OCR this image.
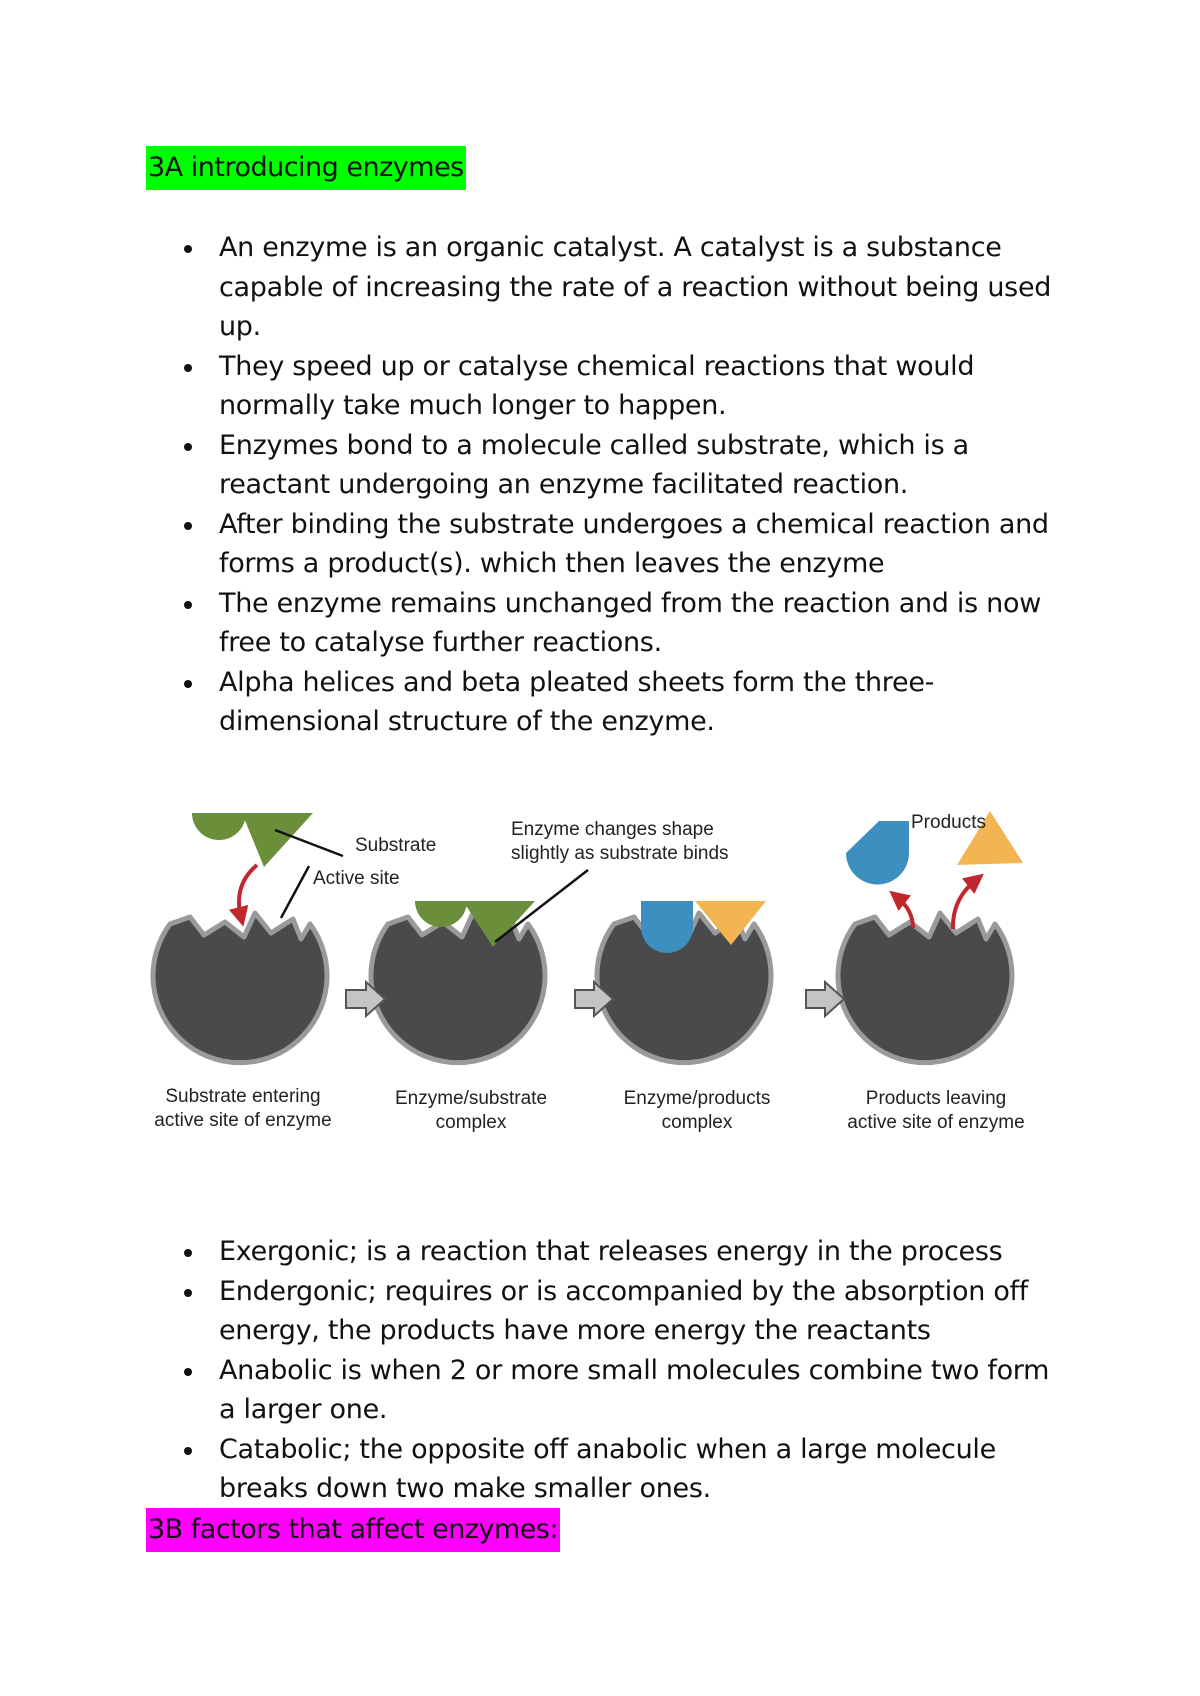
3A introducing enzymes
An enzyme is an organic catalyst. A catalyst is a substance capable of increasing the rate of a reaction without being used up.
They speed up or catalyse chemical reactions that would normally take much longer to happen.
Enzymes bond to a molecule called substrate, which is a reactant undergoing an enzyme facilitated reaction.
After binding the substrate undergoes a chemical reaction and forms a product(s). which then leaves the enzyme
The enzyme remains unchanged from the reaction and is now free to catalyse further reactions.
Alpha helices and beta pleated sheets form the three-dimensional structure of the enzyme.
Substrate
Active site
Enzyme changes shape
slightly as substrate binds
Products
Substrate entering
active site of enzyme
Enzyme/substrate
complex
Enzyme/products
complex
Products leaving
active site of enzyme
Exergonic; is a reaction that releases energy in the process
Endergonic; requires or is accompanied by the absorption off energy, the products have more energy the reactants
Anabolic is when 2 or more small molecules combine two form a larger one.
Catabolic; the opposite off anabolic when a large molecule breaks down two make smaller ones.
3B factors that affect enzymes:
